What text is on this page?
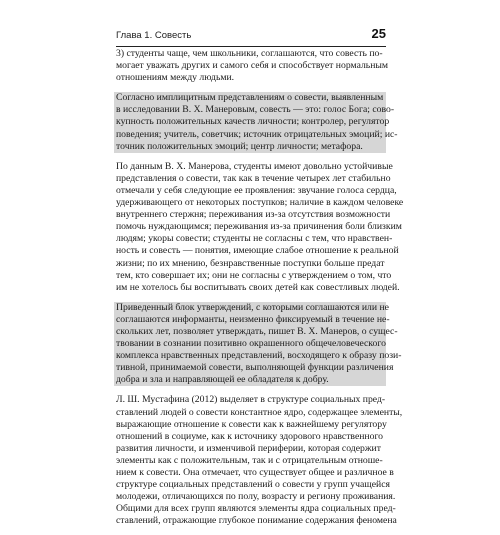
Глава 1. Совесть	25
3) студенты чаще, чем школьники, соглашаются, что совесть по-
могает уважать других и самого себя и способствует нормальным
отношениям между людьми.
Согласно имплицитным представлениям о совести, выявленным
в исследовании В. Х. Манеровым, совесть — это: голос Бога; сово-
купность положительных качеств личности; контролер, регулятор
поведения; учитель, советчик; источник отрицательных эмоций; ис-
точник положительных эмоций; центр личности; метафора.
По данным В. Х. Манерова, студенты имеют довольно устойчивые
представления о совести, так как в течение четырех лет стабильно
отмечали у себя следующие ее проявления: звучание голоса сердца,
удерживающего от некоторых поступков; наличие в каждом человеке
внутреннего стержня; переживания из-за отсутствия возможности
помочь нуждающимся; переживания из-за причинения боли близким
людям; укоры совести; студенты не согласны с тем, что нравствен-
ность и совесть — понятия, имеющие слабое отношение к реальной
жизни; по их мнению, безнравственные поступки больше предат
тем, кто совершает их; они не согласны с утверждением о том, что
им не хотелось бы воспитывать своих детей как совестливых людей.
Приведенный блок утверждений, с которыми соглашаются или не
соглашаются информанты, неизменно фиксируемый в течение не-
скольких лет, позволяет утверждать, пишет В. Х. Манеров, о сущес-
твовании в сознании позитивно окрашенного общечеловеческого
комплекса нравственных представлений, восходящего к образу пози-
тивной, принимаемой совести, выполняющей функции различения
добра и зла и направляющей ее обладателя к добру.
Л. Ш. Мустафина (2012) выделяет в структуре социальных пред-
ставлений людей о совести константное ядро, содержащее элементы,
выражающие отношение к совести как к важнейшему регулятору
отношений в социуме, как к источнику здорового нравственного
развития личности, и изменчивой периферии, которая содержит
элементы как с положительным, так и с отрицательным отноше-
нием к совести. Она отмечает, что существует общее и различное в
структуре социальных представлений о совести у групп учащейся
молодежи, отличающихся по полу, возрасту и региону проживания.
Общими для всех групп являются элементы ядра социальных пред-
ставлений, отражающие глубокое понимание содержания феномена
